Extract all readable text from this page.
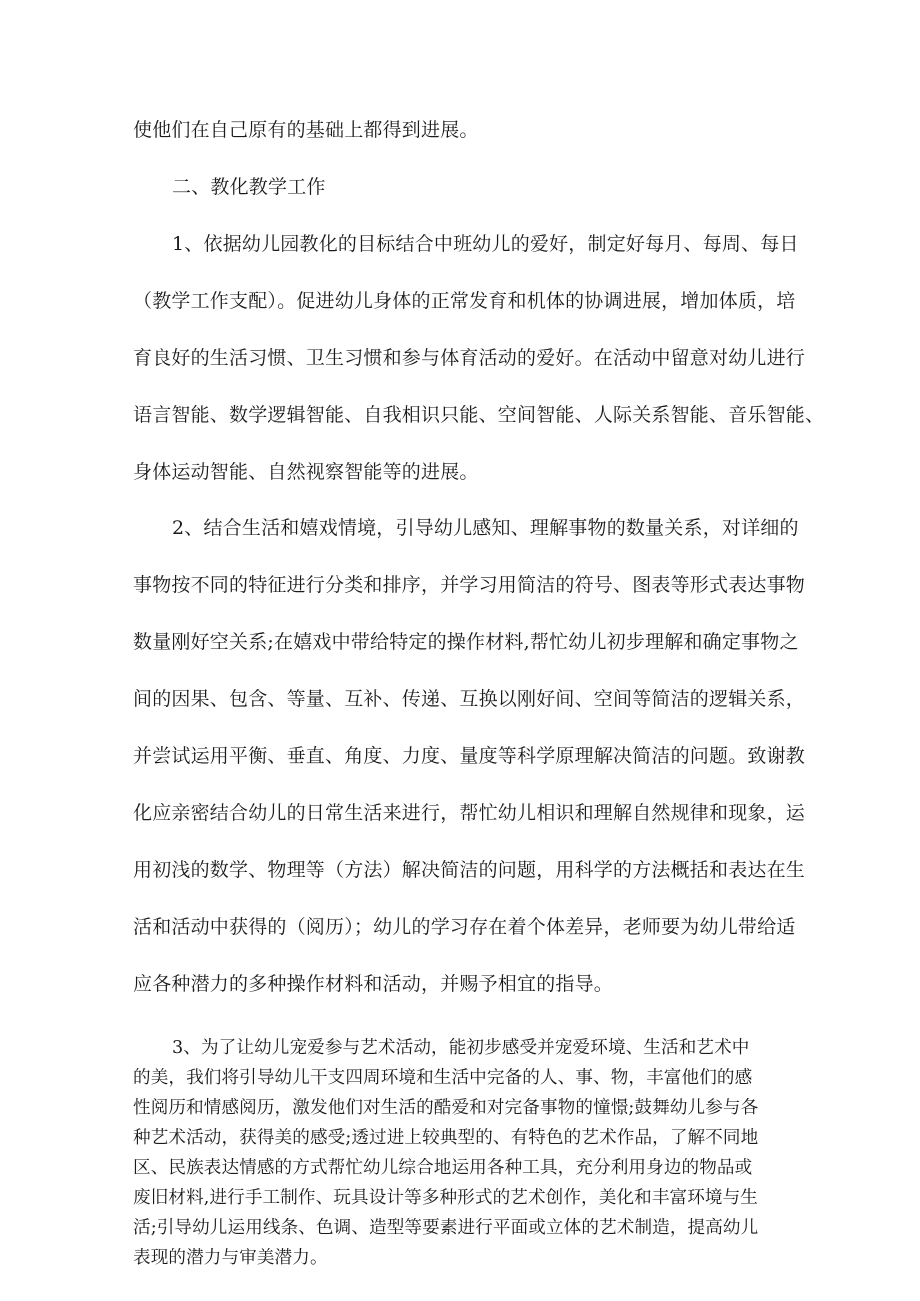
使他们在自己原有的基础上都得到进展。
二、教化教学工作
1、依据幼儿园教化的目标结合中班幼儿的爱好，制定好每月、每周、每日
（教学工作支配）。促进幼儿身体的正常发育和机体的协调进展，增加体质，培
育良好的生活习惯、卫生习惯和参与体育活动的爱好。在活动中留意对幼儿进行
语言智能、数学逻辑智能、自我相识只能、空间智能、人际关系智能、音乐智能、
身体运动智能、自然视察智能等的进展。
2、结合生活和嬉戏情境，引导幼儿感知、理解事物的数量关系，对详细的
事物按不同的特征进行分类和排序，并学习用简洁的符号、图表等形式表达事物
数量刚好空关系;在嬉戏中带给特定的操作材料,帮忙幼儿初步理解和确定事物之
间的因果、包含、等量、互补、传递、互换以刚好间、空间等简洁的逻辑关系，
并尝试运用平衡、垂直、角度、力度、量度等科学原理解决简洁的问题。致谢教
化应亲密结合幼儿的日常生活来进行，帮忙幼儿相识和理解自然规律和现象，运
用初浅的数学、物理等（方法）解决简洁的问题，用科学的方法概括和表达在生
活和活动中获得的（阅历）；幼儿的学习存在着个体差异，老师要为幼儿带给适
应各种潜力的多种操作材料和活动，并赐予相宜的指导。
3、为了让幼儿宠爱参与艺术活动，能初步感受并宠爱环境、生活和艺术中
的美，我们将引导幼儿干支四周环境和生活中完备的人、事、物，丰富他们的感
性阅历和情感阅历，激发他们对生活的酷爱和对完备事物的憧憬;鼓舞幼儿参与各
种艺术活动，获得美的感受;透过进上较典型的、有特色的艺术作品，了解不同地
区、民族表达情感的方式帮忙幼儿综合地运用各种工具，充分利用身边的物品或
废旧材料,进行手工制作、玩具设计等多种形式的艺术创作，美化和丰富环境与生
活;引导幼儿运用线条、色调、造型等要素进行平面或立体的艺术制造，提高幼儿
表现的潜力与审美潜力。
